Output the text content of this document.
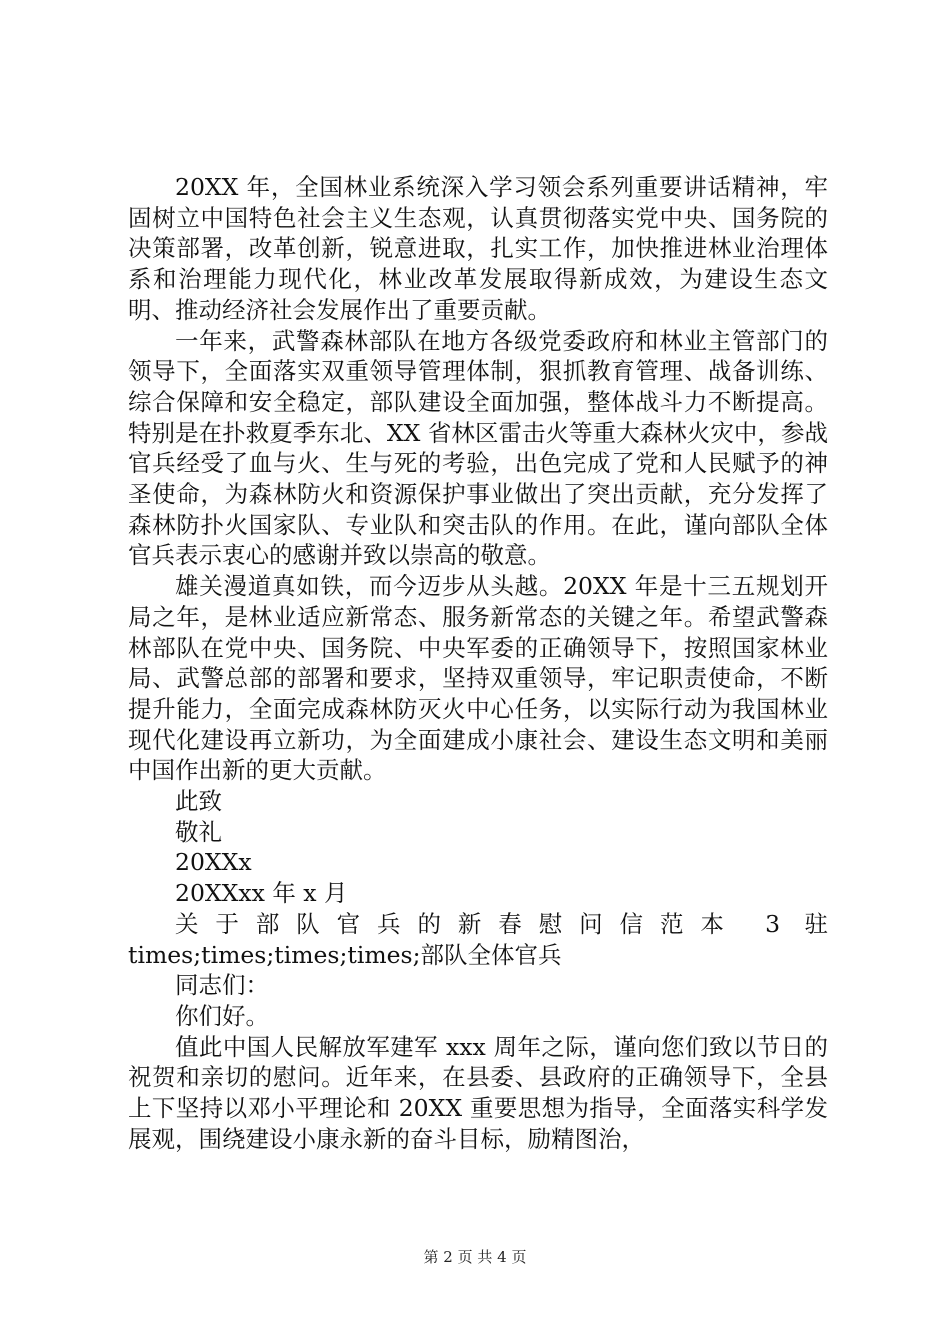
20XX 年，全国林业系统深入学习领会系列重要讲话精神，牢固树立中国特色社会主义生态观，认真贯彻落实党中央、国务院的决策部署，改革创新，锐意进取，扎实工作，加快推进林业治理体系和治理能力现代化，林业改革发展取得新成效，为建设生态文明、推动经济社会发展作出了重要贡献。

一年来，武警森林部队在地方各级党委政府和林业主管部门的领导下，全面落实双重领导管理体制，狠抓教育管理、战备训练、综合保障和安全稳定，部队建设全面加强，整体战斗力不断提高。特别是在扑救夏季东北、XX 省林区雷击火等重大森林火灾中，参战官兵经受了血与火、生与死的考验，出色完成了党和人民赋予的神圣使命，为森林防火和资源保护事业做出了突出贡献，充分发挥了森林防扑火国家队、专业队和突击队的作用。在此，谨向部队全体官兵表示衷心的感谢并致以崇高的敬意。

雄关漫道真如铁，而今迈步从头越。20XX 年是十三五规划开局之年，是林业适应新常态、服务新常态的关键之年。希望武警森林部队在党中央、国务院、中央军委的正确领导下，按照国家林业局、武警总部的部署和要求，坚持双重领导，牢记职责使命，不断提升能力，全面完成森林防灭火中心任务，以实际行动为我国林业现代化建设再立新功，为全面建成小康社会、建设生态文明和美丽中国作出新的更大贡献。

此致

敬礼

20XXx

20XXxx 年 x 月

关于部队官兵的新春慰问信范本 3 驻

times;times;times;times;部队全体官兵

同志们：

你们好。

值此中国人民解放军建军 xxx 周年之际，谨向您们致以节日的祝贺和亲切的慰问。近年来，在县委、县政府的正确领导下，全县上下坚持以邓小平理论和 20XX 重要思想为指导，全面落实科学发展观，围绕建设小康永新的奋斗目标，励精图治，

第 2 页 共 4 页
